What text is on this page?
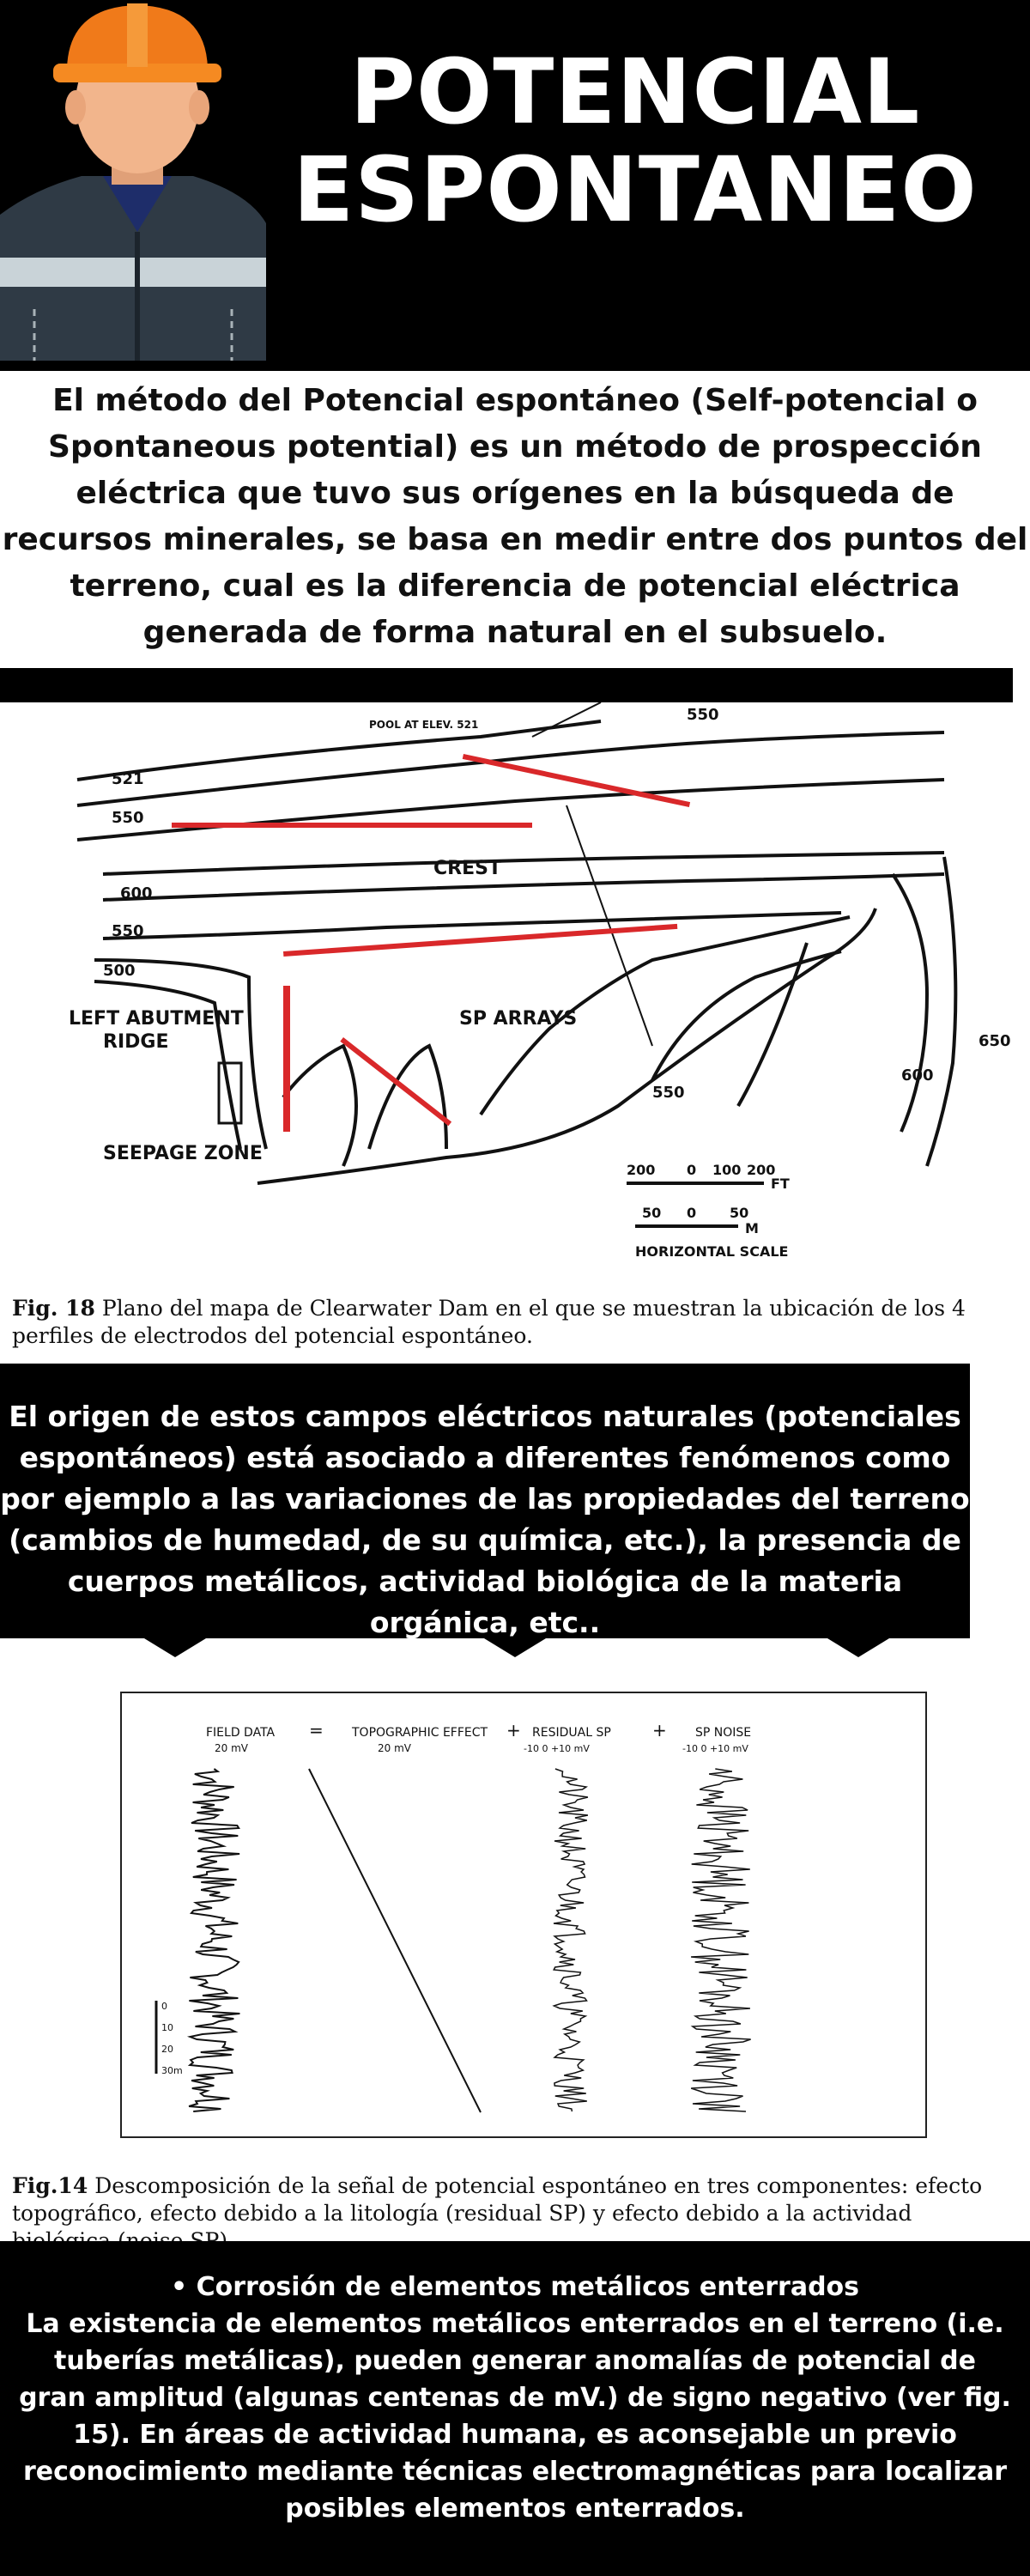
POTENCIAL
ESPONTANEO
El método del Potencial espontáneo (Self-potencial o Spontaneous potential) es un método de prospección eléctrica que tuvo sus orígenes en la búsqueda de recursos minerales, se basa en medir entre dos puntos del terreno, cual es la diferencia de potencial eléctrica generada de forma natural en el subsuelo.
CREST
LEFT ABUTMENT
RIDGE
SP ARRAYS
SEEPAGE ZONE
POOL AT ELEV. 521
521
550
600
550
500
550
550
600
650
200 0 100 200
FT
50 0 50
M
HORIZONTAL SCALE
Fig. 18 Plano del mapa de Clearwater Dam en el que se muestran la ubicación de los 4 perfiles de electrodos del potencial espontáneo.
El origen de estos campos eléctricos naturales (potenciales espontáneos) está asociado a diferentes fenómenos como por ejemplo a las variaciones de las propiedades del terreno (cambios de humedad, de su química, etc.), la presencia de cuerpos metálicos, actividad biológica de la materia orgánica, etc..
FIELD DATA = TOPOGRAPHIC EFFECT + RESIDUAL SP + SP NOISE
20 mV	20 mV	-10 0 +10 mV	-10 0 +10 mV
0
10
20
30m
Fig.14 Descomposición de la señal de potencial espontáneo en tres componentes: efecto topográfico, efecto debido a la litología (residual SP) y efecto debido a la actividad
• Corrosión de elementos metálicos enterrados
La existencia de elementos metálicos enterrados en el terreno (i.e. tuberías metálicas), pueden generar anomalías de potencial de gran amplitud (algunas centenas de mV.) de signo negativo (ver fig. 15). En áreas de actividad humana, es aconsejable un previo reconocimiento mediante técnicas electromagnéticas para localizar posibles elementos enterrados.
